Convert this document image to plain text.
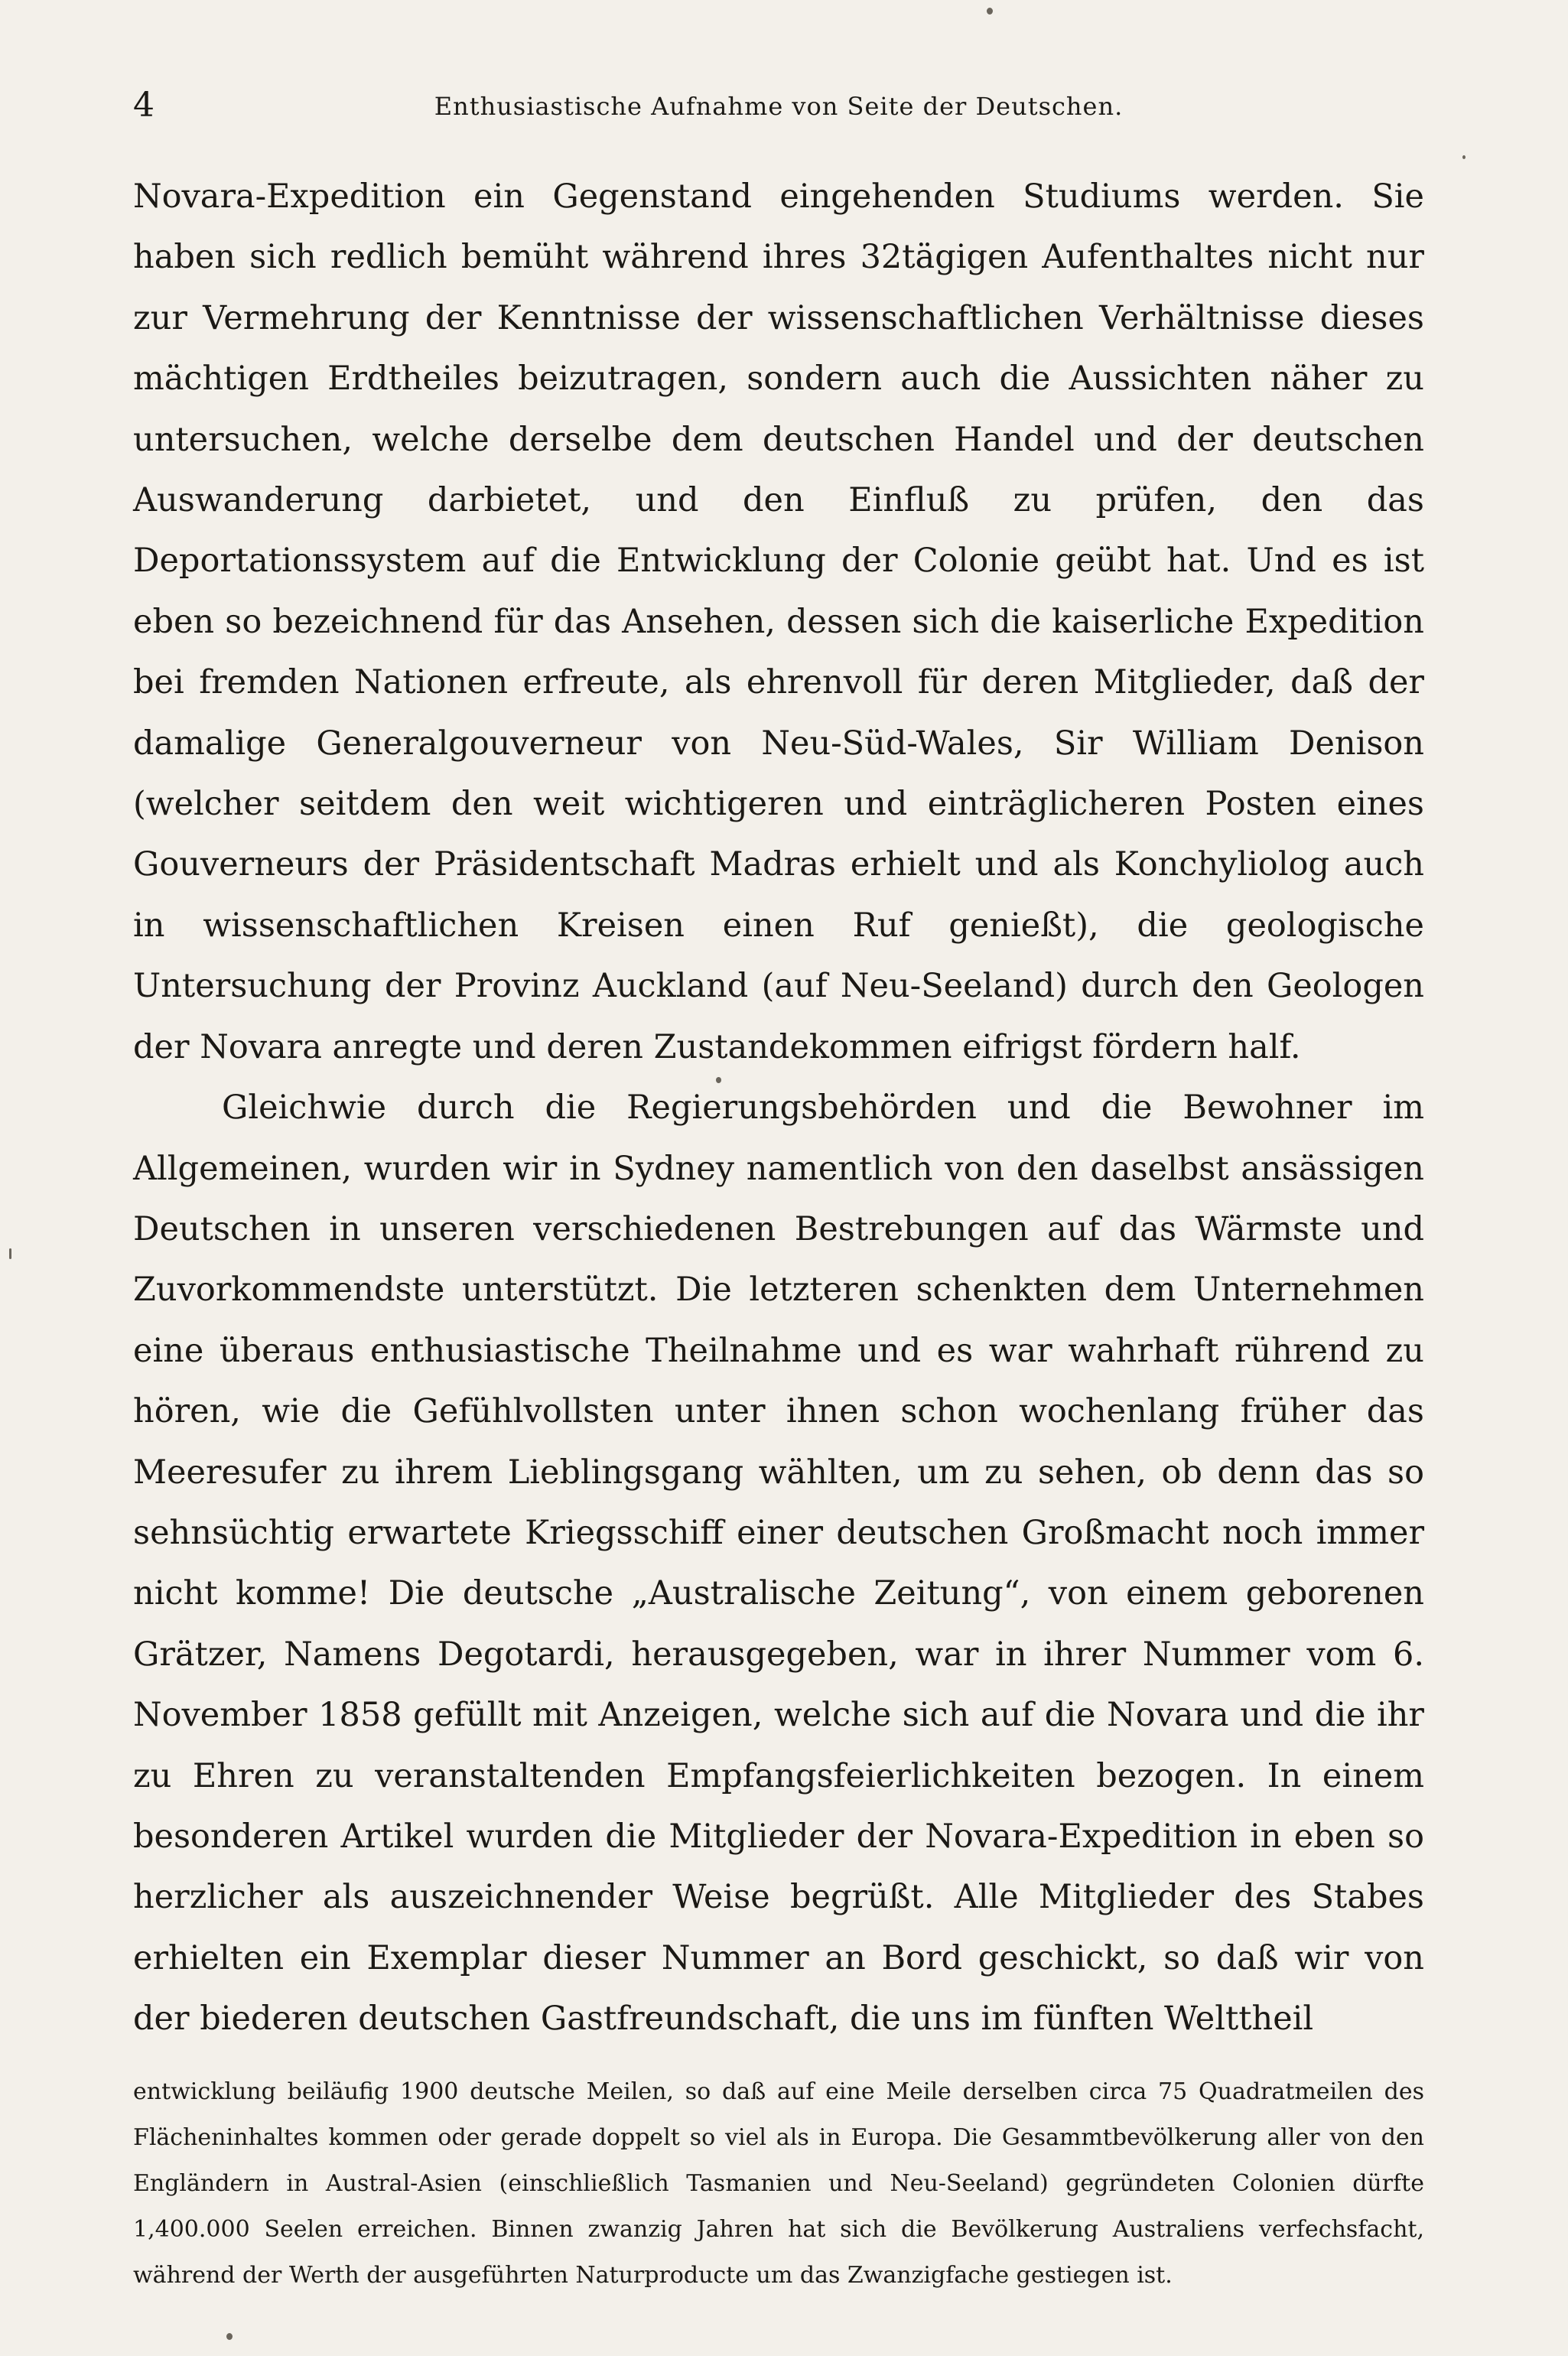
4	Enthusiastische Aufnahme von Seite der Deutschen.

Novara-Expedition ein Gegenstand eingehenden Studiums werden. Sie haben sich redlich bemüht während ihres 32tägigen Aufenthaltes nicht nur zur Vermehrung der Kenntnisse der wissenschaftlichen Verhältnisse dieses mächtigen Erdtheiles beizutragen, sondern auch die Aussichten näher zu untersuchen, welche derselbe dem deutschen Handel und der deutschen Auswanderung darbietet, und den Einfluß zu prüfen, den das Deportationssystem auf die Entwicklung der Colonie geübt hat. Und es ist eben so bezeichnend für das Ansehen, dessen sich die kaiserliche Expedition bei fremden Nationen erfreute, als ehrenvoll für deren Mitglieder, daß der damalige Generalgouverneur von Neu-Süd-Wales, Sir William Denison (welcher seitdem den weit wichtigeren und einträglicheren Posten eines Gouverneurs der Präsidentschaft Madras erhielt und als Konchyliolog auch in wissenschaftlichen Kreisen einen Ruf genießt), die geologische Untersuchung der Provinz Auckland (auf Neu-Seeland) durch den Geologen der Novara anregte und deren Zustandekommen eifrigst fördern half.

Gleichwie durch die Regierungsbehörden und die Bewohner im Allgemeinen, wurden wir in Sydney namentlich von den daselbst ansässigen Deutschen in unseren verschiedenen Bestrebungen auf das Wärmste und Zuvorkommendste unterstützt. Die letzteren schenkten dem Unternehmen eine überaus enthusiastische Theilnahme und es war wahrhaft rührend zu hören, wie die Gefühlvollsten unter ihnen schon wochenlang früher das Meeresufer zu ihrem Lieblingsgang wählten, um zu sehen, ob denn das so sehnsüchtig erwartete Kriegsschiff einer deutschen Großmacht noch immer nicht komme! Die deutsche „Australische Zeitung“, von einem geborenen Grätzer, Namens Degotardi, herausgegeben, war in ihrer Nummer vom 6. November 1858 gefüllt mit Anzeigen, welche sich auf die Novara und die ihr zu Ehren zu veranstaltenden Empfangsfeierlichkeiten bezogen. In einem besonderen Artikel wurden die Mitglieder der Novara-Expedition in eben so herzlicher als auszeichnender Weise begrüßt. Alle Mitglieder des Stabes erhielten ein Exemplar dieser Nummer an Bord geschickt, so daß wir von der biederen deutschen Gastfreundschaft, die uns im fünften Welttheil

entwicklung beiläufig 1900 deutsche Meilen, so daß auf eine Meile derselben circa 75 Quadratmeilen des Flächeninhaltes kommen oder gerade doppelt so viel als in Europa. Die Gesammtbevölkerung aller von den Engländern in Austral-Asien (einschließlich Tasmanien und Neu-Seeland) gegründeten Colonien dürfte 1,400.000 Seelen erreichen. Binnen zwanzig Jahren hat sich die Bevölkerung Australiens verfechsfacht, während der Werth der ausgeführten Naturproducte um das Zwanzigfache gestiegen ist.
